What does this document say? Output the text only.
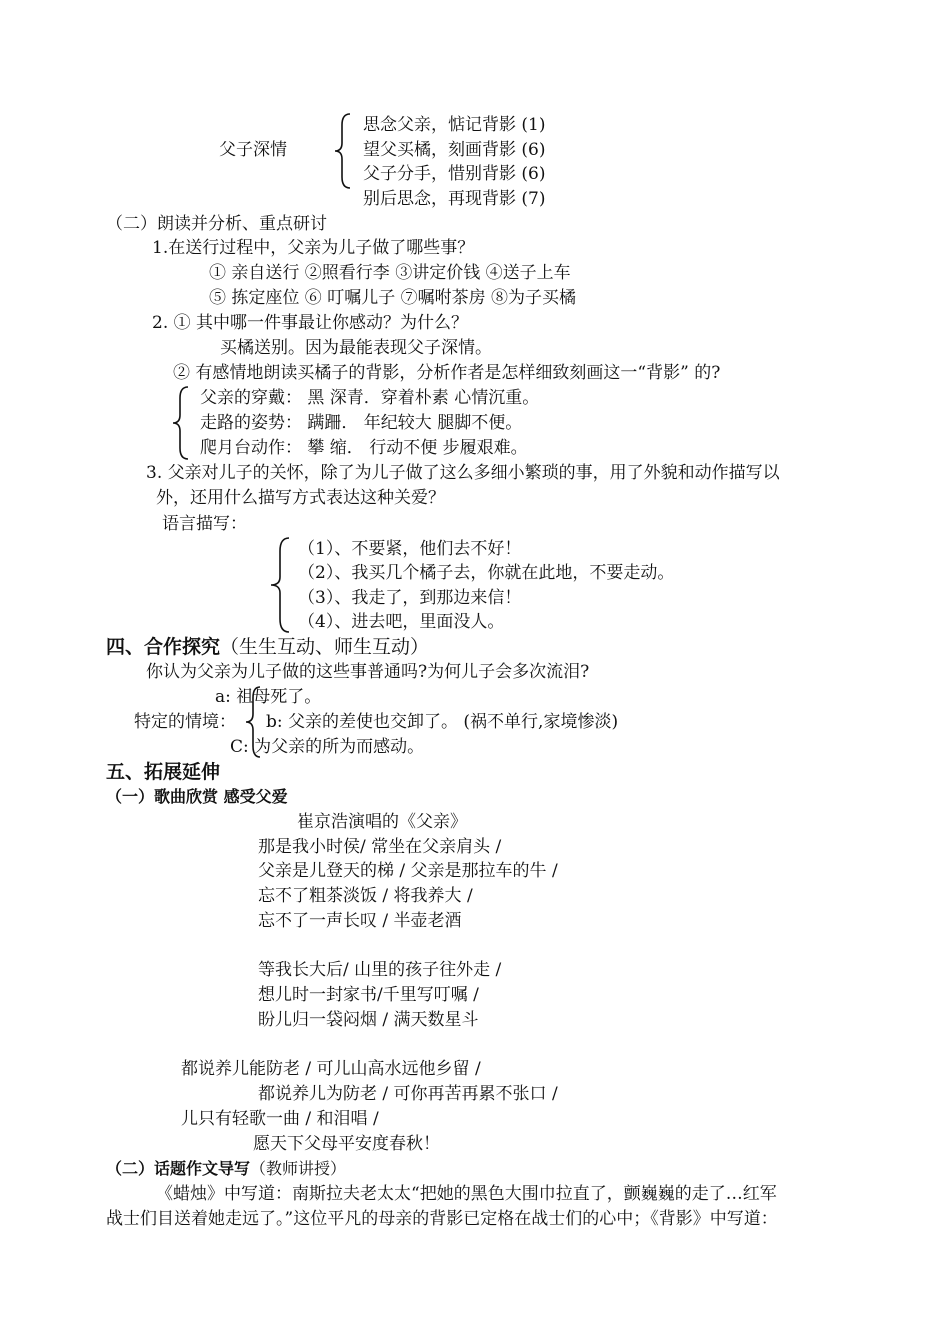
父子深情
思念父亲，惦记背影 (1)
望父买橘，刻画背影 (6)
父子分手，惜别背影 (6)
别后思念，再现背影 (7)
（二）朗读并分析、重点研讨
1.在送行过程中，父亲为儿子做了哪些事？
① 亲自送行 ②照看行李 ③讲定价钱 ④送子上车
⑤ 拣定座位 ⑥ 叮嘱儿子 ⑦嘱咐茶房 ⑧为子买橘
2. ① 其中哪一件事最让你感动？为什么？
买橘送别。因为最能表现父子深情。
② 有感情地朗读买橘子的背影，分析作者是怎样细致刻画这一“背影” 的?
父亲的穿戴： 黑 深青．穿着朴素 心情沉重。
走路的姿势： 蹒跚． 年纪较大 腿脚不便。
爬月台动作： 攀 缩． 行动不便 步履艰难。
3. 父亲对儿子的关怀，除了为儿子做了这么多细小繁琐的事，用了外貌和动作描写以
外，还用什么描写方式表达这种关爱？
语言描写：
（1）、不要紧，他们去不好！
（2）、我买几个橘子去，你就在此地，不要走动。
（3）、我走了，到那边来信！
（4）、进去吧，里面没人。
四、合作探究（生生互动、师生互动）
你认为父亲为儿子做的这些事普通吗?为何儿子会多次流泪?
a: 祖母死了。
特定的情境： b: 父亲的差使也交卸了。 (祸不单行,家境惨淡)
C: 为父亲的所为而感动。
五、拓展延伸
（一）歌曲欣赏 感受父爱
崔京浩演唱的《父亲》
那是我小时侯/ 常坐在父亲肩头 /
父亲是儿登天的梯 / 父亲是那拉车的牛 /
忘不了粗茶淡饭 / 将我养大 /
忘不了一声长叹 / 半壶老酒
等我长大后/ 山里的孩子往外走 /
想儿时一封家书/千里写叮嘱 /
盼儿归一袋闷烟 / 满天数星斗
都说养儿能防老 / 可儿山高水远他乡留 /
都说养儿为防老 / 可你再苦再累不张口 /
儿只有轻歌一曲 / 和泪唱 /
愿天下父母平安度春秋！
（二）话题作文导写（教师讲授）
《蜡烛》中写道：南斯拉夫老太太“把她的黑色大围巾拉直了，颤巍巍的走了…红军
战士们目送着她走远了。”这位平凡的母亲的背影已定格在战士们的心中；《背影》中写道：
